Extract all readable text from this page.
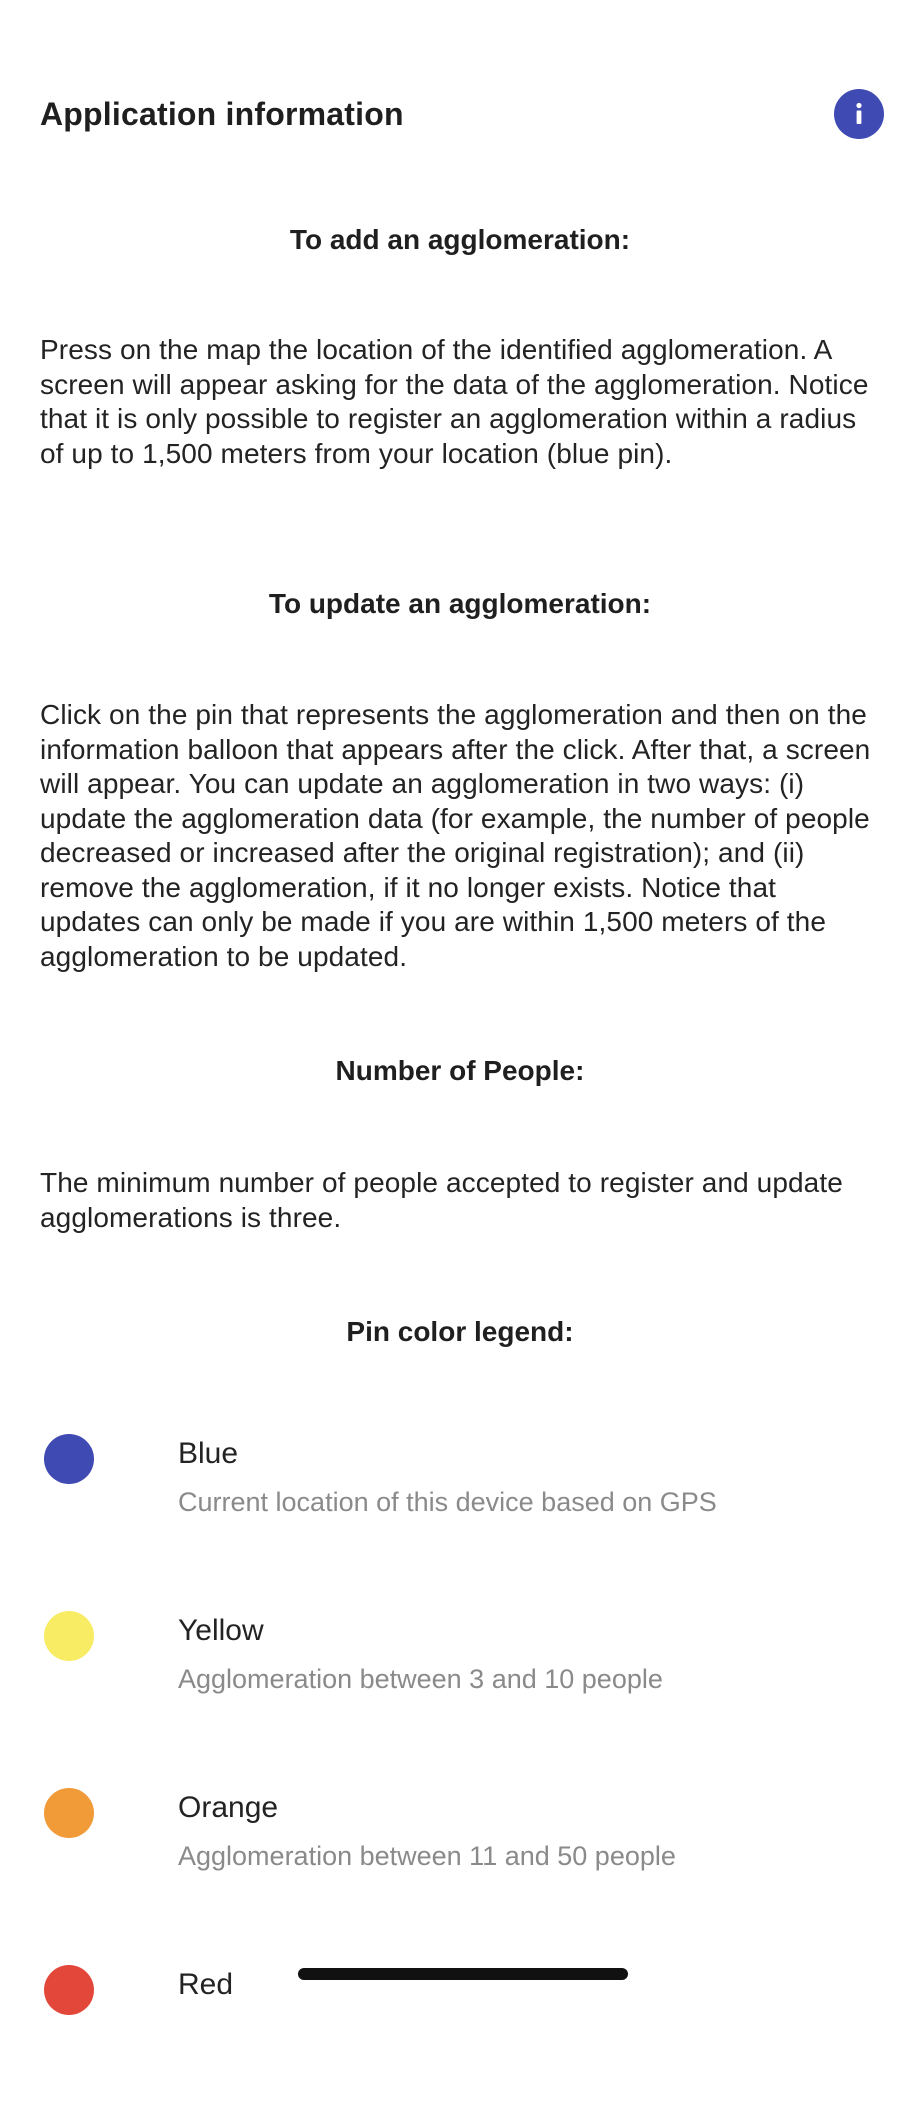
Application information
To add an agglomeration:

Press on the map the location of the identified agglomeration. A screen will appear asking for the data of the agglomeration. Notice that it is only possible to register an agglomeration within a radius of up to 1,500 meters from your location (blue pin).

To update an agglomeration:

Click on the pin that represents the agglomeration and then on the information balloon that appears after the click. After that, a screen will appear. You can update an agglomeration in two ways: (i) update the agglomeration data (for example, the number of people decreased or increased after the original registration); and (ii) remove the agglomeration, if it no longer exists. Notice that updates can only be made if you are within 1,500 meters of the agglomeration to be updated.

Number of People:

The minimum number of people accepted to register and update agglomerations is three.

Pin color legend:
Blue
Current location of this device based on GPS
Yellow
Agglomeration between 3 and 10 people
Orange
Agglomeration between 11 and 50 people
Red
